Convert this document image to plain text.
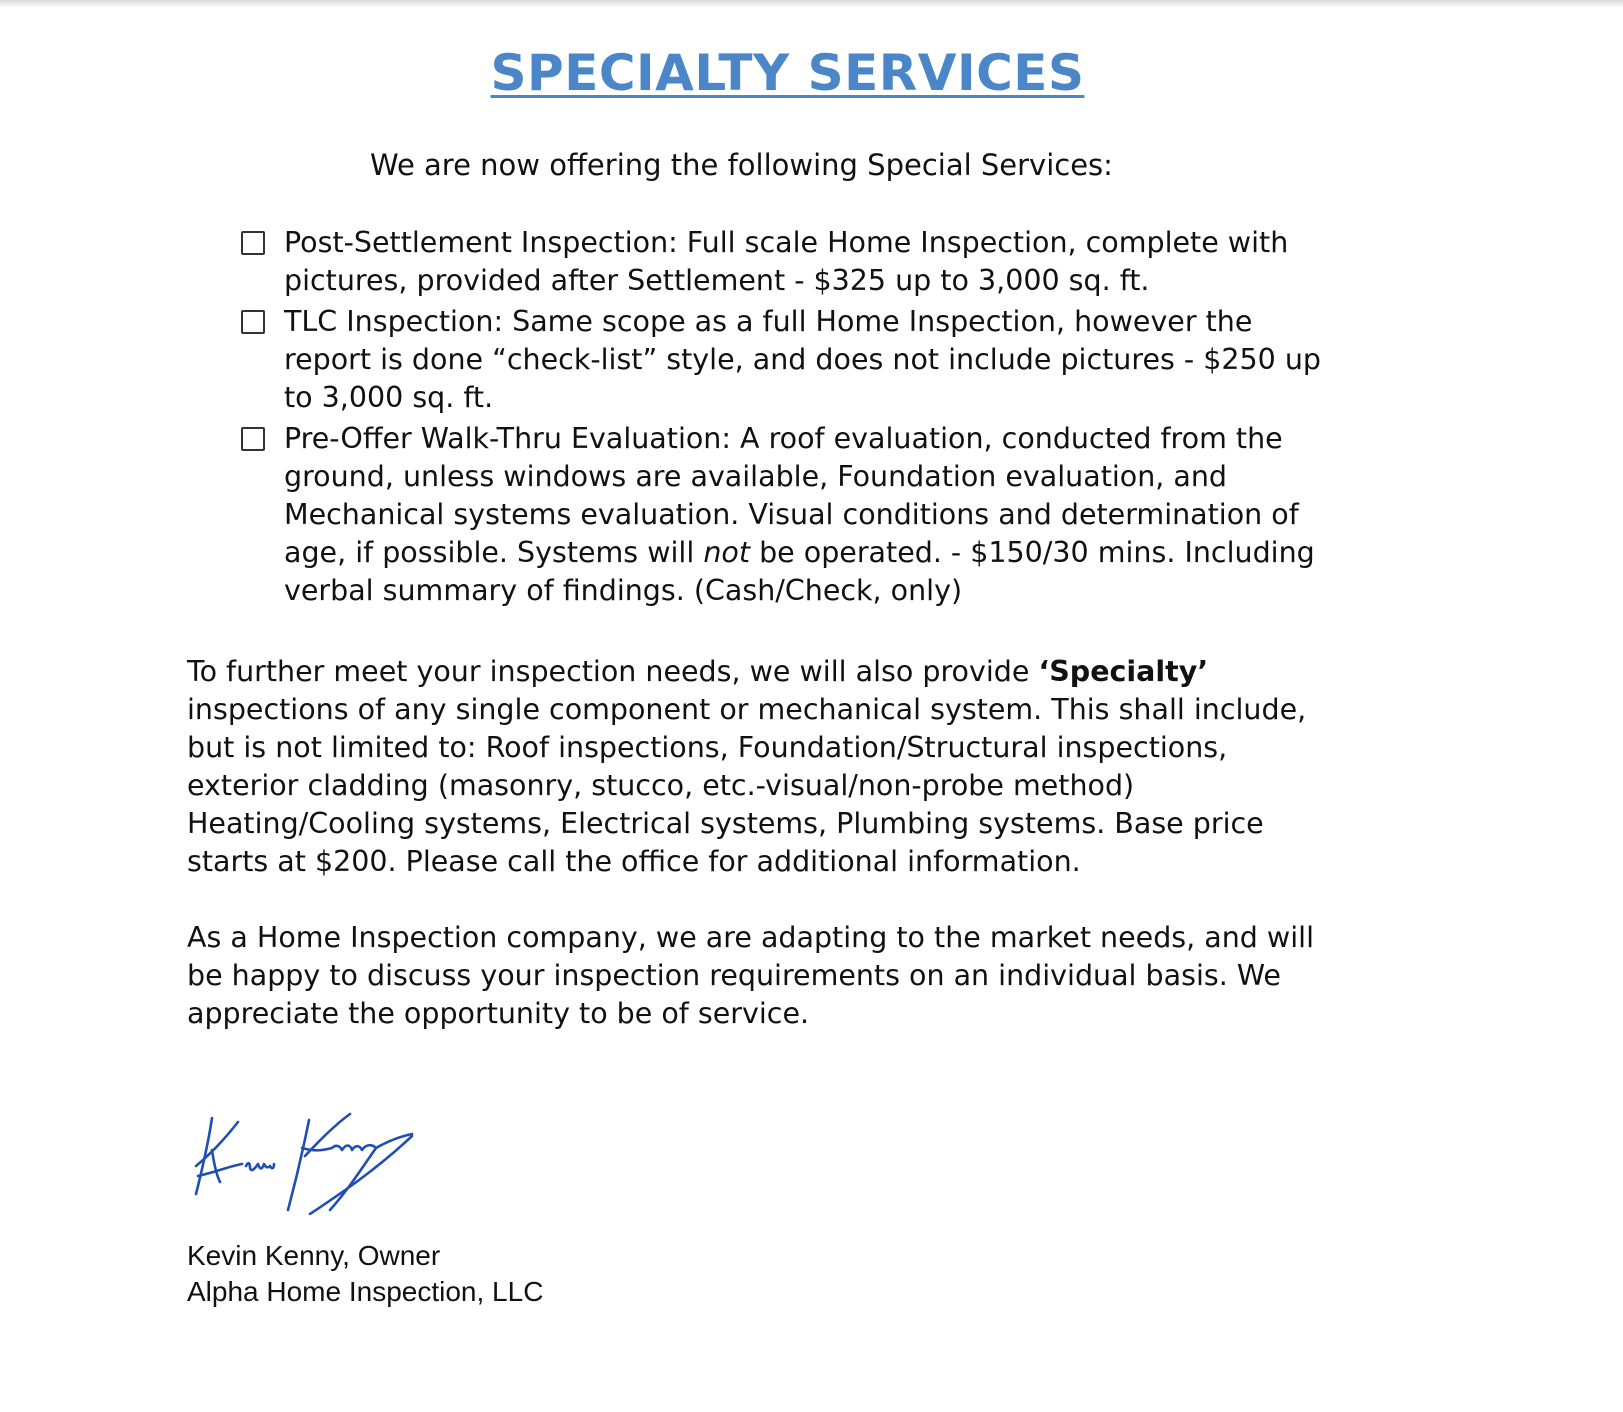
SPECIALTY SERVICES

We are now offering the following Special Services:

Post-Settlement Inspection: Full scale Home Inspection, complete with pictures, provided after Settlement - $325 up to 3,000 sq. ft.
TLC Inspection: Same scope as a full Home Inspection, however the report is done “check-list” style, and does not include pictures - $250 up to 3,000 sq. ft.
Pre-Offer Walk-Thru Evaluation: A roof evaluation, conducted from the ground, unless windows are available, Foundation evaluation, and Mechanical systems evaluation. Visual conditions and determination of age, if possible. Systems will not be operated. - $150/30 mins. Including verbal summary of findings. (Cash/Check, only)

To further meet your inspection needs, we will also provide ‘Specialty’ inspections of any single component or mechanical system. This shall include, but is not limited to: Roof inspections, Foundation/Structural inspections, exterior cladding (masonry, stucco, etc.-visual/non-probe method) Heating/Cooling systems, Electrical systems, Plumbing systems. Base price starts at $200. Please call the office for additional information.

As a Home Inspection company, we are adapting to the market needs, and will be happy to discuss your inspection requirements on an individual basis. We appreciate the opportunity to be of service.

Kevin Kenny, Owner

Alpha Home Inspection, LLC
